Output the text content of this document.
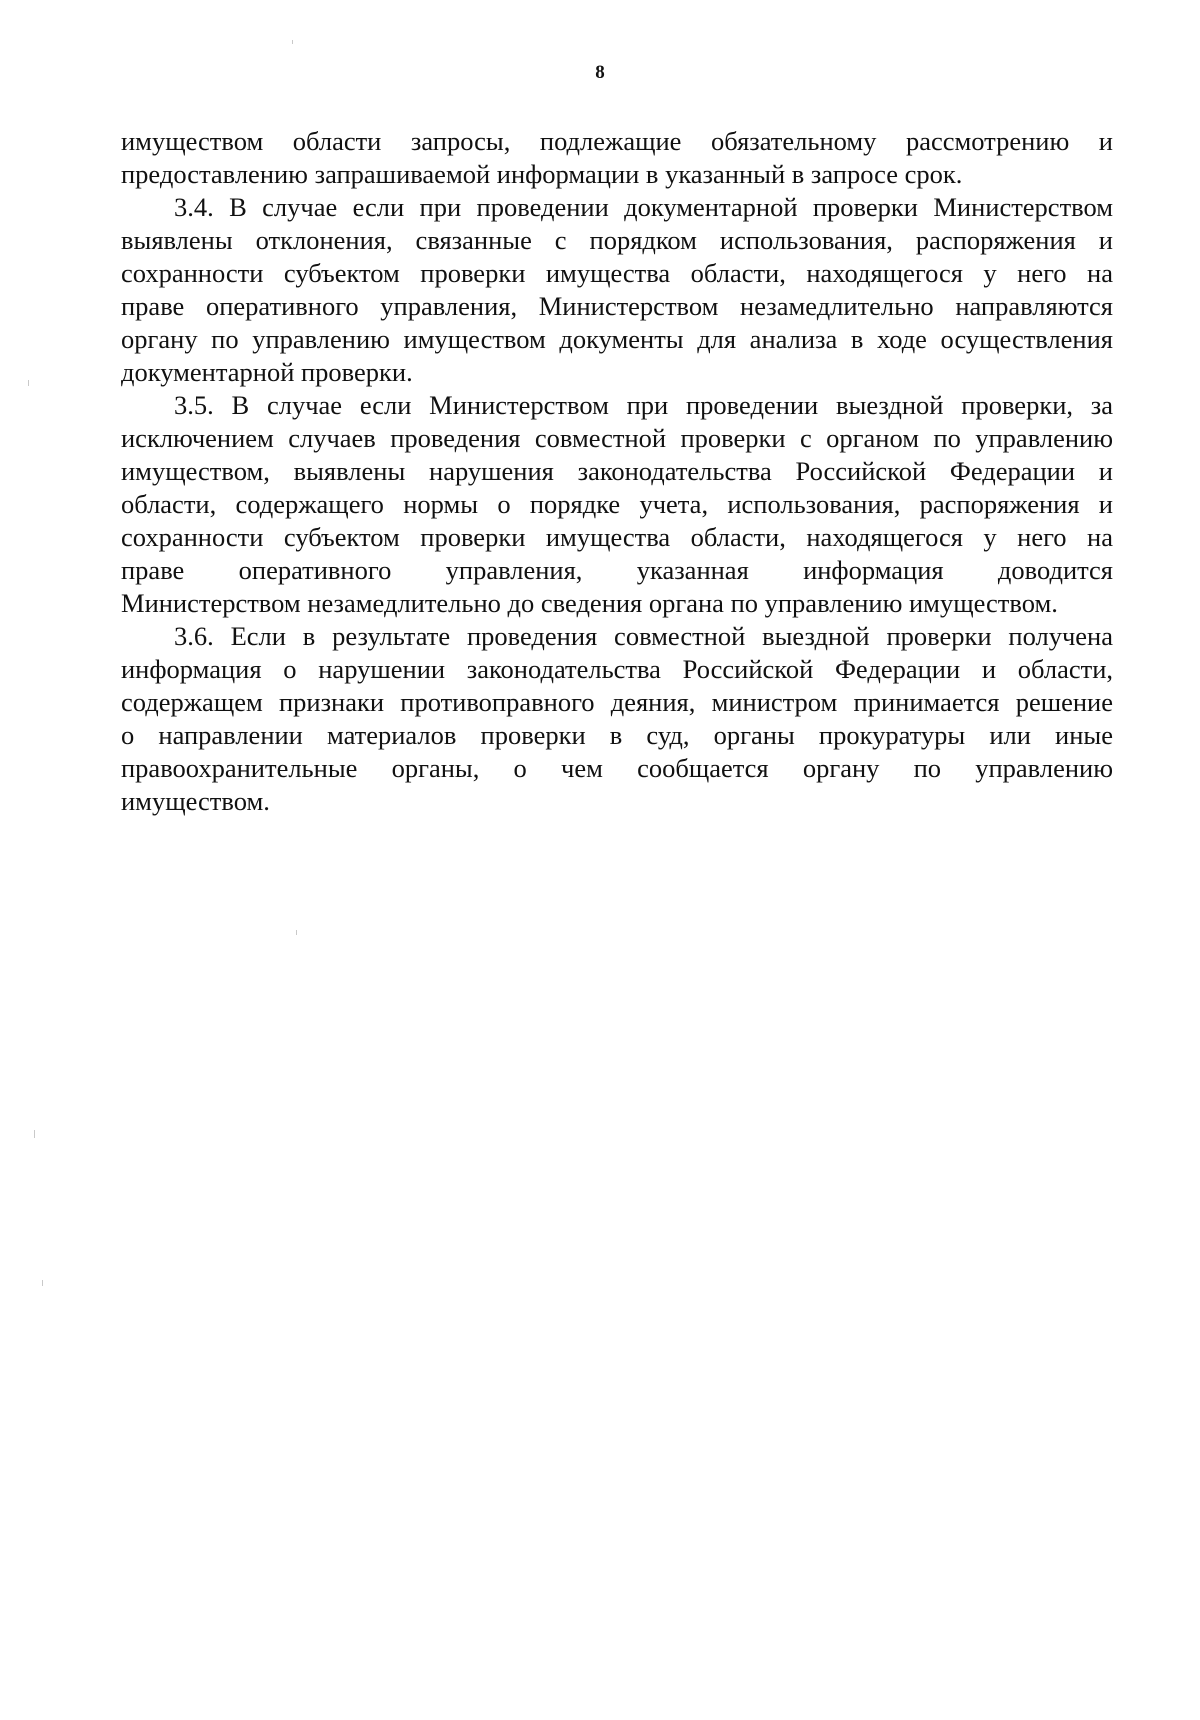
8

имуществом области запросы, подлежащие обязательному рассмотрению и
предоставлению запрашиваемой информации в указанный в запросе срок.

3.4. В случае если при проведении документарной проверки Министерством
выявлены отклонения, связанные с порядком использования, распоряжения и
сохранности субъектом проверки имущества области, находящегося у него на
праве оперативного управления, Министерством незамедлительно направляются
органу по управлению имуществом документы для анализа в ходе осуществления
документарной проверки.

3.5. В случае если Министерством при проведении выездной проверки, за
исключением случаев проведения совместной проверки с органом по управлению
имуществом, выявлены нарушения законодательства Российской Федерации и
области, содержащего нормы о порядке учета, использования, распоряжения и
сохранности субъектом проверки имущества области, находящегося у него на
праве оперативного управления, указанная информация доводится
Министерством незамедлительно до сведения органа по управлению имуществом.

3.6. Если в результате проведения совместной выездной проверки получена
информация о нарушении законодательства Российской Федерации и области,
содержащем признаки противоправного деяния, министром принимается решение
о направлении материалов проверки в суд, органы прокуратуры или иные
правоохранительные органы, о чем сообщается органу по управлению
имуществом.
